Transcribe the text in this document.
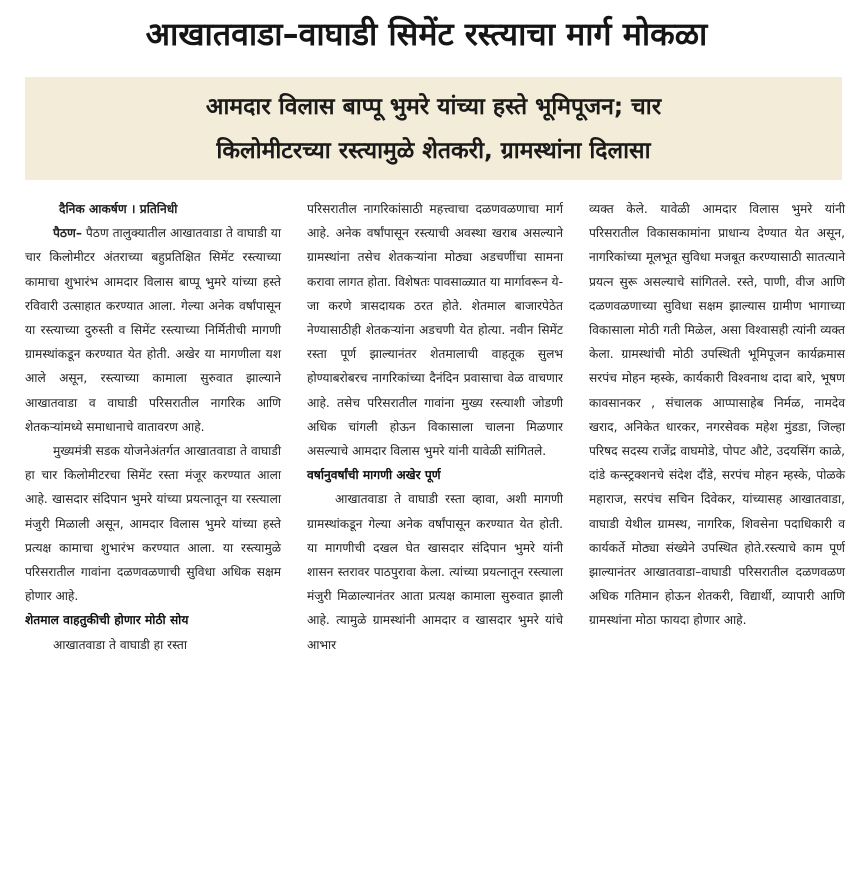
आखातवाडा–वाघाडी सिमेंट रस्त्याचा मार्ग मोकळा
आमदार विलास बाप्पू भुमरे यांच्या हस्ते भूमिपूजन; चार
किलोमीटरच्या रस्त्यामुळे शेतकरी, ग्रामस्थांना दिलासा

दैनिक आकर्षण । प्रतिनिधी

पैठण– पैठण तालुक्यातील आखातवाडा ते वाघाडी या चार किलोमीटर अंतराच्या बहुप्रतिक्षित सिमेंट रस्त्याच्या कामाचा शुभारंभ आमदार विलास बाप्पू भुमरे यांच्या हस्ते रविवारी उत्साहात करण्यात आला. गेल्या अनेक वर्षांपासून या रस्त्याच्या दुरुस्ती व सिमेंट रस्त्याच्या निर्मितीची मागणी ग्रामस्थांकडून करण्यात येत होती. अखेर या मागणीला यश आले असून, रस्त्याच्या कामाला सुरुवात झाल्याने आखातवाडा व वाघाडी परिसरातील नागरिक आणि शेतकऱ्यांमध्ये समाधानाचे वातावरण आहे.

मुख्यमंत्री सडक योजनेअंतर्गत आखातवाडा ते वाघाडी हा चार किलोमीटरचा सिमेंट रस्ता मंजूर करण्यात आला आहे. खासदार संदिपान भुमरे यांच्या प्रयत्नातून या रस्त्याला मंजुरी मिळाली असून, आमदार विलास भुमरे यांच्या हस्ते प्रत्यक्ष कामाचा शुभारंभ करण्यात आला. या रस्त्यामुळे परिसरातील गावांना दळणवळणाची सुविधा अधिक सक्षम होणार आहे.

शेतमाल वाहतुकीची होणार मोठी सोय

आखातवाडा ते वाघाडी हा रस्ता

परिसरातील नागरिकांसाठी महत्त्वाचा दळणवळणाचा मार्ग आहे. अनेक वर्षांपासून रस्त्याची अवस्था खराब असल्याने ग्रामस्थांना तसेच शेतकऱ्यांना मोठ्या अडचणींचा सामना करावा लागत होता. विशेषतः पावसाळ्यात या मार्गावरून ये-जा करणे त्रासदायक ठरत होते. शेतमाल बाजारपेठेत नेण्यासाठीही शेतकऱ्यांना अडचणी येत होत्या. नवीन सिमेंट रस्ता पूर्ण झाल्यानंतर शेतमालाची वाहतूक सुलभ होण्याबरोबरच नागरिकांच्या दैनंदिन प्रवासाचा वेळ वाचणार आहे. तसेच परिसरातील गावांना मुख्य रस्त्याशी जोडणी अधिक चांगली होऊन विकासाला चालना मिळणार असल्याचे आमदार विलास भुमरे यांनी यावेळी सांगितले.

वर्षानुवर्षांची मागणी अखेर पूर्ण

आखातवाडा ते वाघाडी रस्ता व्हावा, अशी मागणी ग्रामस्थांकडून गेल्या अनेक वर्षांपासून करण्यात येत होती. या मागणीची दखल घेत खासदार संदिपान भुमरे यांनी शासन स्तरावर पाठपुरावा केला. त्यांच्या प्रयत्नातून रस्त्याला मंजुरी मिळाल्यानंतर आता प्रत्यक्ष कामाला सुरुवात झाली आहे. त्यामुळे ग्रामस्थांनी आमदार व खासदार भुमरे यांचे आभार

व्यक्त केले. यावेळी आमदार विलास भुमरे यांनी परिसरातील विकासकामांना प्राधान्य देण्यात येत असून, नागरिकांच्या मूलभूत सुविधा मजबूत करण्यासाठी सातत्याने प्रयत्न सुरू असल्याचे सांगितले. रस्ते, पाणी, वीज आणि दळणवळणाच्या सुविधा सक्षम झाल्यास ग्रामीण भागाच्या विकासाला मोठी गती मिळेल, असा विश्वासही त्यांनी व्यक्त केला. ग्रामस्थांची मोठी उपस्थिती भूमिपूजन कार्यक्रमास सरपंच मोहन म्हस्के, कार्यकारी विश्वनाथ दादा बारे, भूषण कावसानकर , संचालक आप्पासाहेब निर्मळ, नामदेव खराद, अनिकेत धारकर, नगरसेवक महेश मुंडडा, जिल्हा परिषद सदस्य राजेंद्र वाघमोडे, पोपट औटे, उदयसिंग काळे, दांडे कन्स्ट्रक्शनचे संदेश दौंडे, सरपंच मोहन म्हस्के, पोळके महाराज, सरपंच सचिन दिवेकर, यांच्यासह आखातवाडा, वाघाडी येथील ग्रामस्थ, नागरिक, शिवसेना पदाधिकारी व कार्यकर्ते मोठ्या संख्येने उपस्थित होते.रस्त्याचे काम पूर्ण झाल्यानंतर आखातवाडा–वाघाडी परिसरातील दळणवळण अधिक गतिमान होऊन शेतकरी, विद्यार्थी, व्यापारी आणि ग्रामस्थांना मोठा फायदा होणार आहे.
